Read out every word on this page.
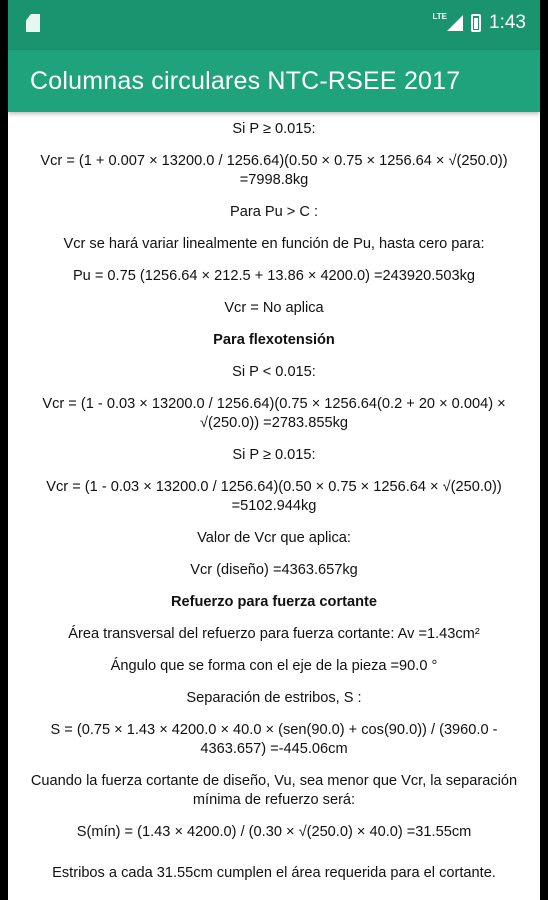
LTE 1:43
Columnas circulares NTC-RSEE 2017
Si P ≥ 0.015:
Vcr = (1 + 0.007 × 13200.0 / 1256.64)(0.50 × 0.75 × 1256.64 × √(250.0)) =7998.8kg
Para Pu > C :
Vcr se hará variar linealmente en función de Pu, hasta cero para:
Pu = 0.75 (1256.64 × 212.5 + 13.86 × 4200.0) =243920.503kg
Vcr = No aplica
Para flexotensión
Si P < 0.015:
Vcr = (1 - 0.03 × 13200.0 / 1256.64)(0.75 × 1256.64(0.2 + 20 × 0.004) × √(250.0)) =2783.855kg
Si P ≥ 0.015:
Vcr = (1 - 0.03 × 13200.0 / 1256.64)(0.50 × 0.75 × 1256.64 × √(250.0)) =5102.944kg
Valor de Vcr que aplica:
Vcr (diseño) =4363.657kg
Refuerzo para fuerza cortante
Área transversal del refuerzo para fuerza cortante: Av =1.43cm²
Ángulo que se forma con el eje de la pieza =90.0 °
Separación de estribos, S :
S = (0.75 × 1.43 × 4200.0 × 40.0 × (sen(90.0) + cos(90.0)) / (3960.0 - 4363.657) =-445.06cm
Cuando la fuerza cortante de diseño, Vu, sea menor que Vcr, la separación mínima de refuerzo será:
S(mín) = (1.43 × 4200.0) / (0.30 × √(250.0) × 40.0) =31.55cm
Estribos a cada 31.55cm cumplen el área requerida para el cortante.
